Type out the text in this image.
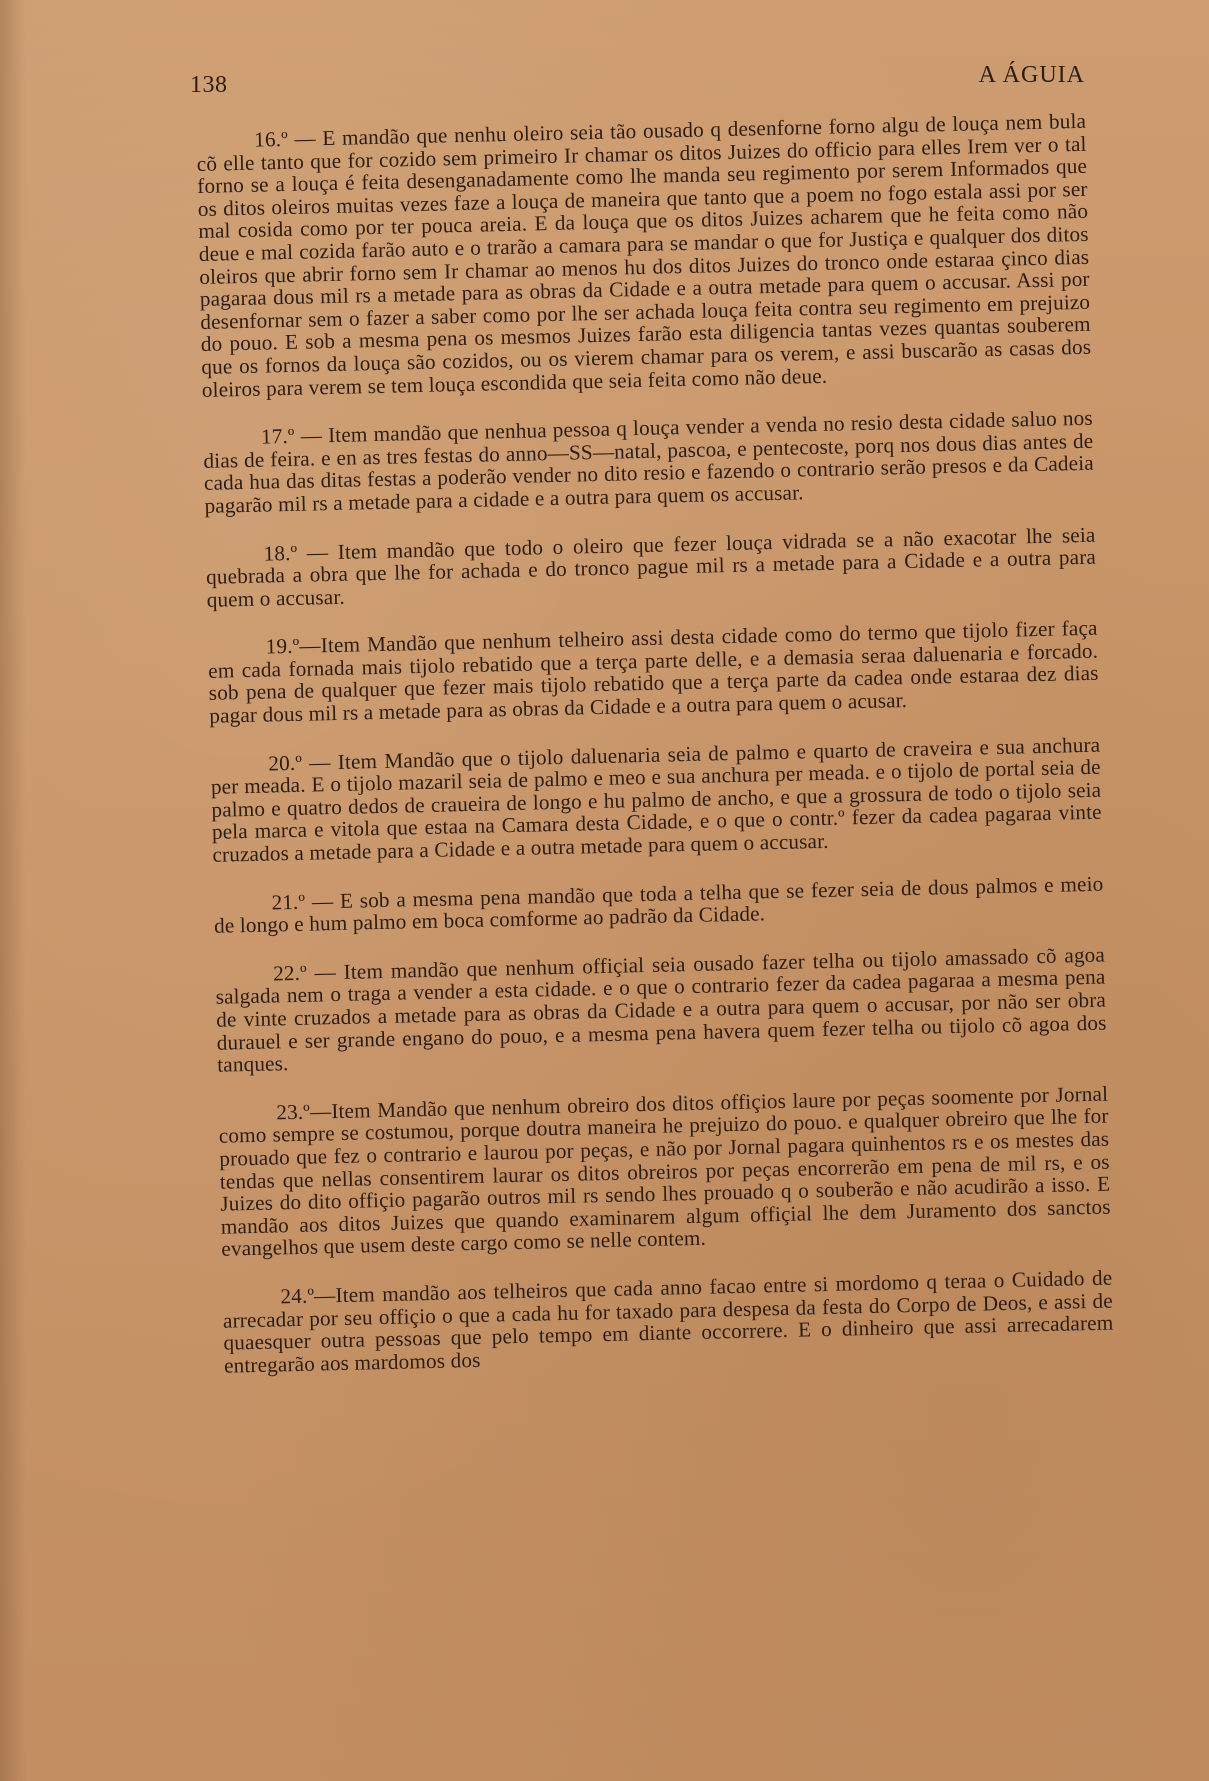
138	A ÁGUIA

16.º — E mandão que nenhu oleiro seia tão ousado q desenforne forno algu de louça nem bula cõ elle tanto que for cozido sem primeiro Ir chamar os ditos Juizes do officio para elles Irem ver o tal forno se a louça é feita desenganadamente como lhe manda seu regimento por serem Informados que os ditos oleiros muitas vezes faze a louça de maneira que tanto que a poem no fogo estala assi por ser mal cosida como por ter pouca areia. E da louça que os ditos Juizes acharem que he feita como não deue e mal cozida farão auto e o trarão a camara para se mandar o que for Justiça e qualquer dos ditos oleiros que abrir forno sem Ir chamar ao menos hu dos ditos Juizes do tronco onde estaraa çinco dias pagaraa dous mil rs a metade para as obras da Cidade e a outra metade para quem o accusar. Assi por desenfornar sem o fazer a saber como por lhe ser achada louça feita contra seu regimento em prejuizo do pouo. E sob a mesma pena os mesmos Juizes farão esta diligencia tantas vezes quantas souberem que os fornos da louça são cozidos, ou os vierem chamar para os verem, e assi buscarão as casas dos oleiros para verem se tem louça escondida que seia feita como não deue.

17.º — Item mandão que nenhua pessoa q louça vender a venda no resio desta cidade saluo nos dias de feira. e en as tres festas do anno—SS—natal, pascoa, e pentecoste, porq nos dous dias antes de cada hua das ditas festas a poderão vender no dito resio e fazendo o contrario serão presos e da Cadeia pagarão mil rs a metade para a cidade e a outra para quem os accusar.

18.º — Item mandão que todo o oleiro que fezer louça vidrada se a não exacotar lhe seia quebrada a obra que lhe for achada e do tronco pague mil rs a metade para a Cidade e a outra para quem o accusar.

19.º—Item Mandão que nenhum telheiro assi desta cidade como do termo que tijolo fizer faça em cada fornada mais tijolo rebatido que a terça parte delle, e a demasia seraa daluenaria e forcado. sob pena de qualquer que fezer mais tijolo rebatido que a terça parte da cadea onde estaraa dez dias pagar dous mil rs a metade para as obras da Cidade e a outra para quem o acusar.

20.º — Item Mandão que o tijolo daluenaria seia de palmo e quarto de craveira e sua anchura per meada. E o tijolo mazaril seia de palmo e meo e sua anchura per meada. e o tijolo de portal seia de palmo e quatro dedos de craueira de longo e hu palmo de ancho, e que a grossura de todo o tijolo seia pela marca e vitola que estaa na Camara desta Cidade, e o que o contr.º fezer da cadea pagaraa vinte cruzados a metade para a Cidade e a outra metade para quem o accusar.

21.º — E sob a mesma pena mandão que toda a telha que se fezer seia de dous palmos e meio de longo e hum palmo em boca comforme ao padrão da Cidade.

22.º — Item mandão que nenhum offiçial seia ousado fazer telha ou tijolo amassado cõ agoa salgada nem o traga a vender a esta cidade. e o que o contrario fezer da cadea pagaraa a mesma pena de vinte cruzados a metade para as obras da Cidade e a outra para quem o accusar, por não ser obra durauel e ser grande engano do pouo, e a mesma pena havera quem fezer telha ou tijolo cõ agoa dos tanques.

23.º—Item Mandão que nenhum obreiro dos ditos offiçios laure por peças soomente por Jornal como sempre se costumou, porque doutra maneira he prejuizo do pouo. e qualquer obreiro que lhe for prouado que fez o contrario e laurou por peças, e não por Jornal pagara quinhentos rs e os mestes das tendas que nellas consentirem laurar os ditos obreiros por peças encorrerão em pena de mil rs, e os Juizes do dito offiçio pagarão outros mil rs sendo lhes prouado q o souberão e não acudirão a isso. E mandão aos ditos Juizes que quando examinarem algum offiçial lhe dem Juramento dos sanctos evangelhos que usem deste cargo como se nelle contem.

24.º—Item mandão aos telheiros que cada anno facao entre si mordomo q teraa o Cuidado de arrecadar por seu offiçio o que a cada hu for taxado para despesa da festa do Corpo de Deos, e assi de quaesquer outra pessoas que pelo tempo em diante occorrere. E o dinheiro que assi arrecadarem entregarão aos mardomos dos
